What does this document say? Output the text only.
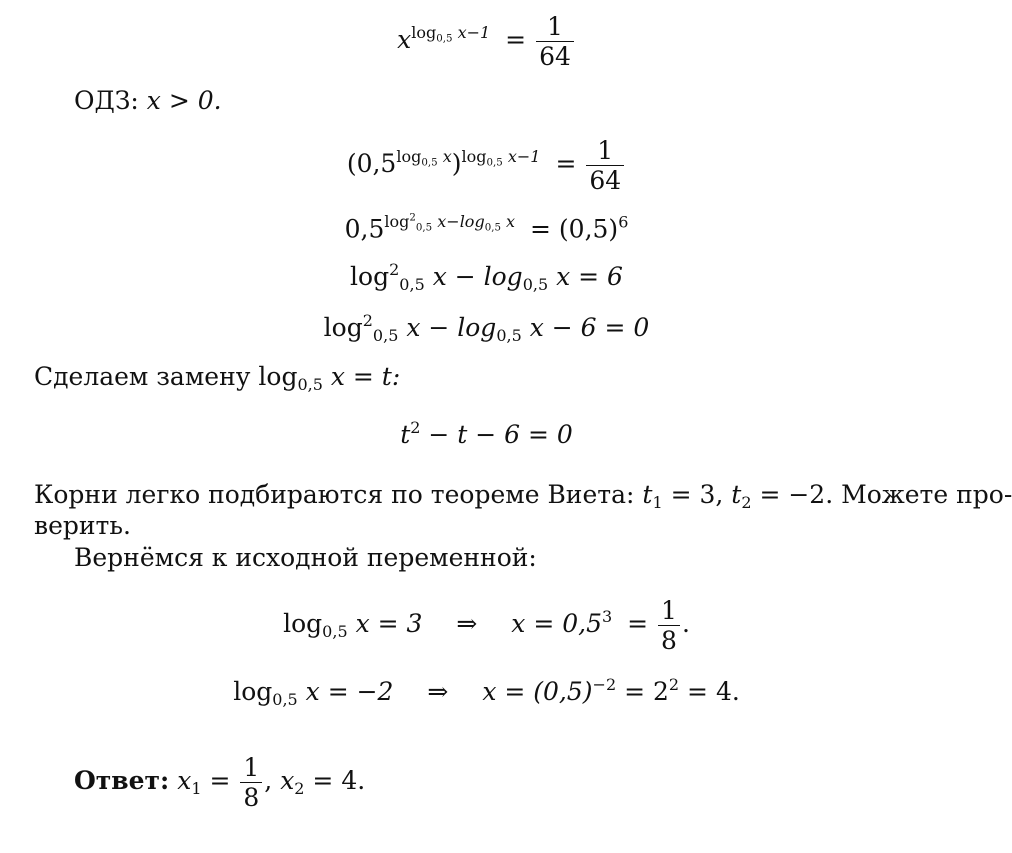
$x^{log_{0,5} x-1} = \frac{1}{64}$
ОДЗ: x > 0.
$(0,5^{log_{0,5} x})^{log_{0,5} x-1} = \frac{1}{64}$
$0,5^{log^2_{0,5} x-log_{0,5} x} = (0,5)^6$
$\log^2_{0,5} x - \log_{0,5} x = 6$
$\log^2_{0,5} x - \log_{0,5} x - 6 = 0$
Сделаем замену $\log_{0,5} x = t$:
$t^2 - t - 6 = 0$
Корни легко подбираются по теореме Виета: $t_1 = 3$, $t_2 = -2$. Можете про-
верить.
Вернёмся к исходной переменной:
$\log_{0,5} x = 3$ ⇒ $x = 0,5^3 = \frac{1}{8}$ .
$\log_{0,5} x = -2$ ⇒ $x = (0,5)^{-2} = 2^2 = 4$.
Ответ: $x_1 = \frac{1}{8}$ , $x_2 = 4$.
